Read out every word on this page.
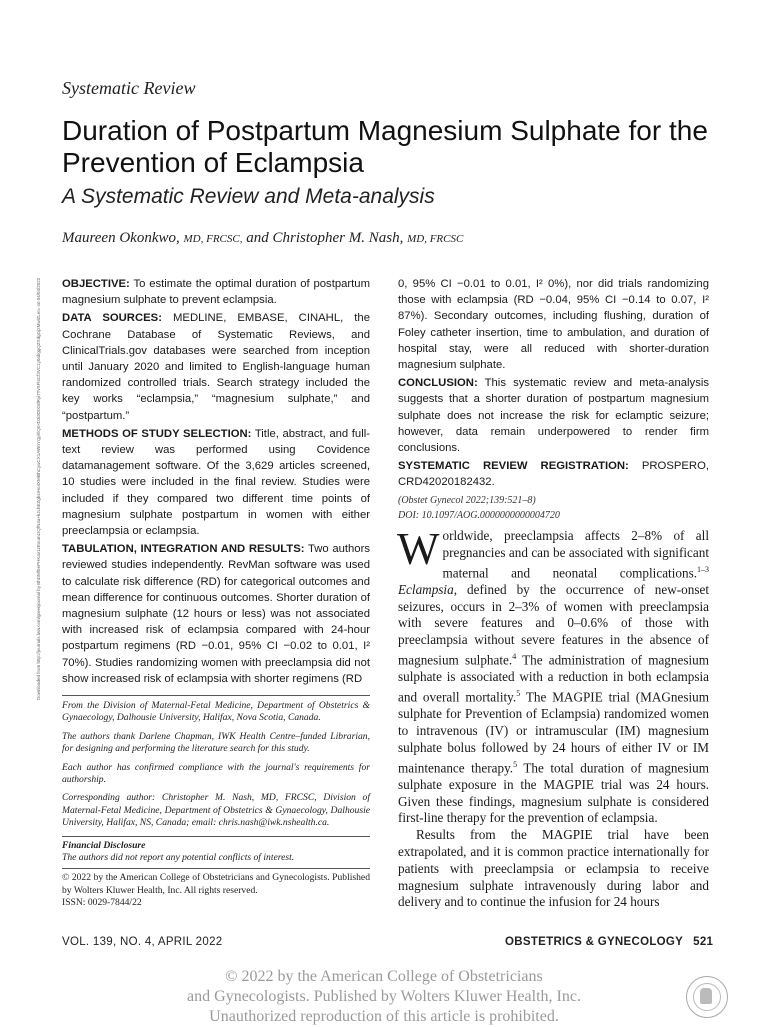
Systematic Review
Duration of Postpartum Magnesium Sulphate for the Prevention of Eclampsia
A Systematic Review and Meta-analysis
Maureen Okonkwo, MD, FRCSC, and Christopher M. Nash, MD, FRCSC
Downloaded from http://journals.lww.com/greenjournal by BhDMf5ePHKav1zEoum1tQfN4a+kJLhEZgbsIHo4XMi0hCywCX1AWnYQp/IlQrHD3i3D0OdRyi7TvSFl4Cf3VC1y0abggQZXdgGj2MwlZLeI= on 04/04/2022 OBJECTIVE: To estimate the optimal duration of postpartum magnesium sulphate to prevent eclampsia.

DATA SOURCES: MEDLINE, EMBASE, CINAHL, the Cochrane Database of Systematic Reviews, and ClinicalTrials.gov databases were searched from inception until January 2020 and limited to English-language human randomized controlled trials. Search strategy included the key works “eclampsia,” “magnesium sulphate,” and “postpartum.”

METHODS OF STUDY SELECTION: Title, abstract, and full-text review was performed using Covidence datamanagement software. Of the 3,629 articles screened, 10 studies were included in the final review. Studies were included if they compared two different time points of magnesium sulphate postpartum in women with either preeclampsia or eclampsia.

TABULATION, INTEGRATION AND RESULTS: Two authors reviewed studies independently. RevMan software was used to calculate risk difference (RD) for categorical outcomes and mean difference for continuous outcomes. Shorter duration of magnesium sulphate (12 hours or less) was not associated with increased risk of eclampsia compared with 24-hour postpartum regimens (RD −0.01, 95% CI −0.02 to 0.01, I² 70%). Studies randomizing women with preeclampsia did not show increased risk of eclampsia with shorter regimens (RD

0, 95% CI −0.01 to 0.01, I² 0%), nor did trials randomizing those with eclampsia (RD −0.04, 95% CI −0.14 to 0.07, I² 87%). Secondary outcomes, including flushing, duration of Foley catheter insertion, time to ambulation, and duration of hospital stay, were all reduced with shorter-duration magnesium sulphate.

CONCLUSION: This systematic review and meta-analysis suggests that a shorter duration of postpartum magnesium sulphate does not increase the risk for eclamptic seizure; however, data remain underpowered to render firm conclusions.

SYSTEMATIC REVIEW REGISTRATION: PROSPERO, CRD42020182432.

(Obstet Gynecol 2022;139:521–8)

DOI: 10.1097/AOG.0000000000004720

Worldwide, preeclampsia affects 2–8% of all pregnancies and can be associated with significant maternal and neonatal complications.$^{1-3}$ Eclampsia, defined by the occurrence of new-onset seizures, occurs in 2–3% of women with preeclampsia with severe features and 0–0.6% of those with preeclampsia without severe features in the absence of magnesium sulphate.$^4$ The administration of magnesium sulphate is associated with a reduction in both eclampsia and overall mortality.$^5$ The MAGPIE trial (MAGnesium sulphate for Prevention of Eclampsia) randomized women to intravenous (IV) or intramuscular (IM) magnesium sulphate bolus followed by 24 hours of either IV or IM maintenance therapy.$^5$ The total duration of magnesium sulphate exposure in the MAGPIE trial was 24 hours. Given these findings, magnesium sulphate is considered first-line therapy for the prevention of eclampsia.

Results from the MAGPIE trial have been extrapolated, and it is common practice internationally for patients with preeclampsia or eclampsia to receive magnesium sulphate intravenously during labor and delivery and to continue the infusion for 24 hours

From the Division of Maternal-Fetal Medicine, Department of Obstetrics & Gynaecology, Dalhousie University, Halifax, Nova Scotia, Canada.

The authors thank Darlene Chapman, IWK Health Centre–funded Librarian, for designing and performing the literature search for this study.

Each author has confirmed compliance with the journal's requirements for authorship.

Corresponding author: Christopher M. Nash, MD, FRCSC, Division of Maternal-Fetal Medicine, Department of Obstetrics & Gynaecology, Dalhousie University, Halifax, NS, Canada; email: chris.nash@iwk.nshealth.ca.

Financial Disclosure

The authors did not report any potential conflicts of interest.

© 2022 by the American College of Obstetricians and Gynecologists. Published by Wolters Kluwer Health, Inc. All rights reserved.

ISSN: 0029-7844/22

VOL. 139, NO. 4, APRIL 2022	OBSTETRICS & GYNECOLOGY 521
© 2022 by the American College of Obstetricians
and Gynecologists. Published by Wolters Kluwer Health, Inc.
Unauthorized reproduction of this article is prohibited.
